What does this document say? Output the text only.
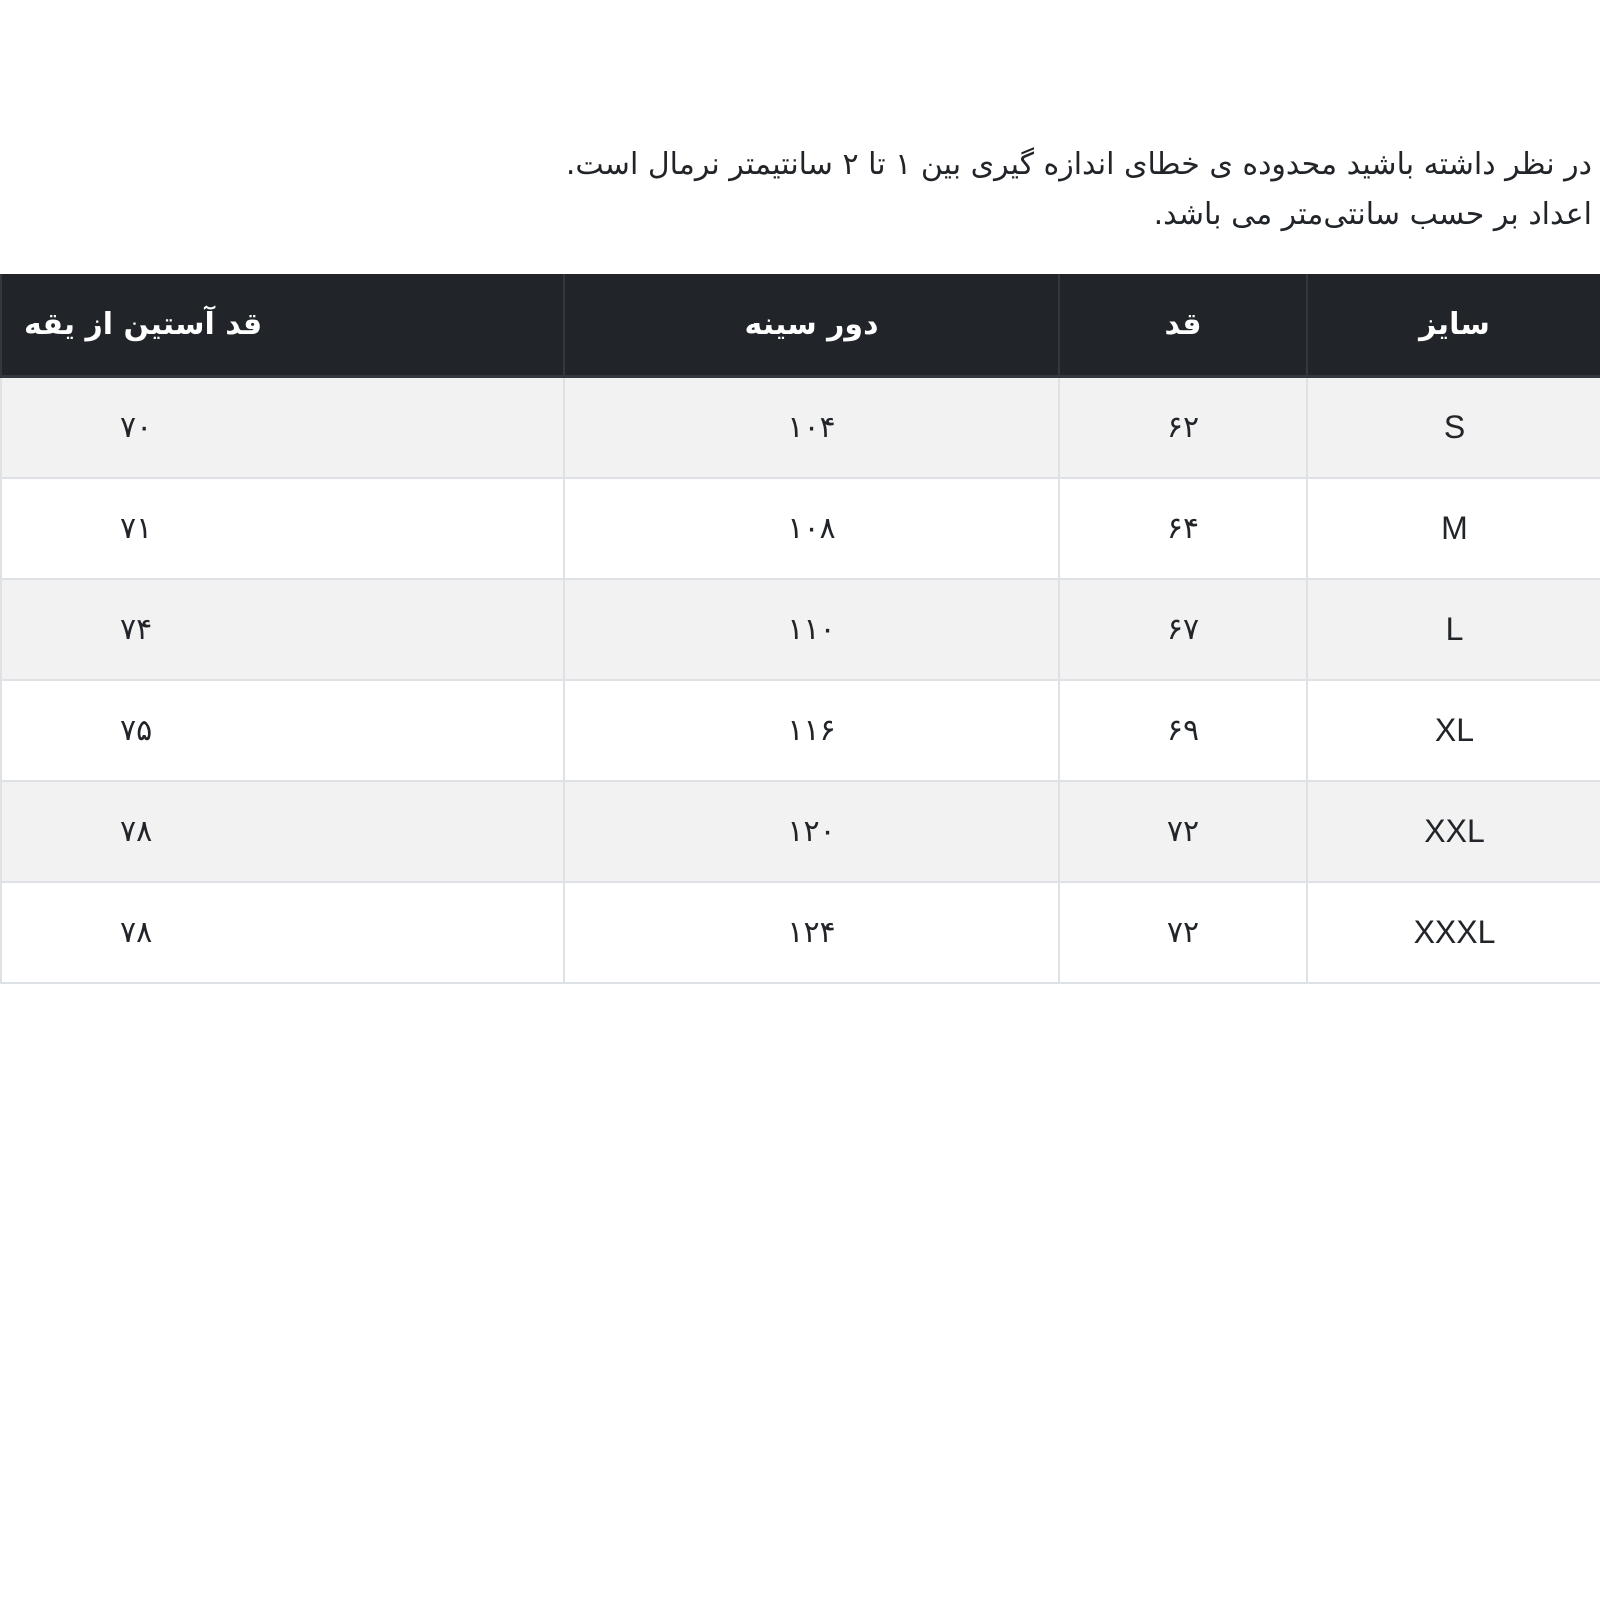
در نظر داشته باشید محدوده ی خطای اندازه گیری بین ۱ تا ۲ سانتیمتر نرمال است.

اعداد بر حسب سانتی‌متر می باشد.

سایز	قد	دور سینه	قد آستین از یقه
S	۶۲	۱۰۴	۷۰
M	۶۴	۱۰۸	۷۱
L	۶۷	۱۱۰	۷۴
XL	۶۹	۱۱۶	۷۵
XXL	۷۲	۱۲۰	۷۸
XXXL	۷۲	۱۲۴	۷۸
